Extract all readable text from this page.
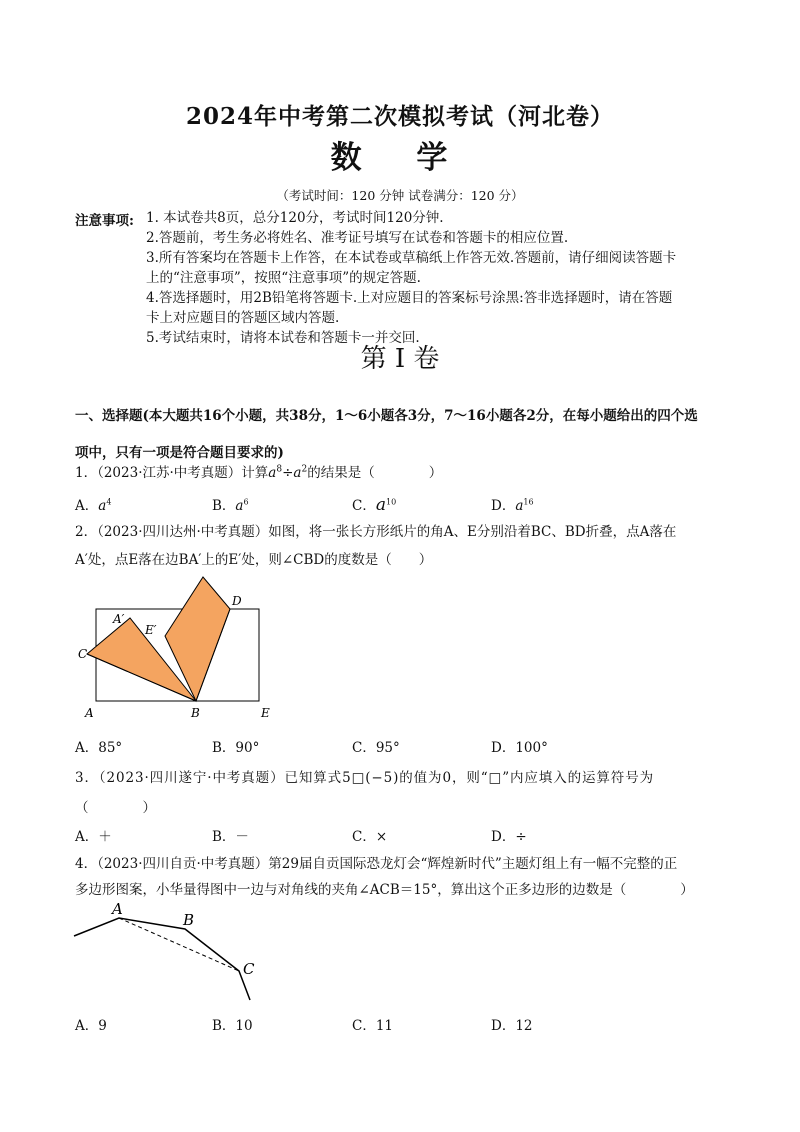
2024年中考第二次模拟考试（河北卷）
数 学
（考试时间：120 分钟 试卷满分：120 分）
注意事项: 1. 本试卷共8页，总分120分，考试时间120分钟.
2.答题前，考生务必将姓名、准考证号填写在试卷和答题卡的相应位置.
3.所有答案均在答题卡上作答，在本试卷或草稿纸上作答无效.答题前，请仔细阅读答题卡
上的“注意事项”，按照“注意事项”的规定答题.
4.答选择题时，用2B铅笔将答题卡.上对应题目的答案标号涂黑:答非选择题时，请在答题
卡上对应题目的答题区域内答题.
5.考试结束时，请将本试卷和答题卡一并交回.
第 I 卷
一、选择题(本大题共16个小题，共38分，1～6小题各3分，7～16小题各2分，在每小题给出的四个选
项中，只有一项是符合题目要求的)
1．（2023·江苏·中考真题）计算$a^8\div a^2$的结果是（　　　　）
A．$a^4$	B．$a^6$	C．$a^{10}$	D．$a^{16}$
2．（2023·四川达州·中考真题）如图，将一张长方形纸片的角A、E分别沿着BC、BD折叠，点A落在
A′处，点E落在边BA′上的E′处，则∠CBD的度数是（　　）
A′
E′
D
C
A	B	E
A．85°	B．90°	C．95°	D．100°
3．（2023·四川遂宁·中考真题）已知算式5□(−5)的值为0，则“□”内应填入的运算符号为
（　　　　）
A．＋	B．－	C．×	D．÷
4．（2023·四川自贡·中考真题）第29届自贡国际恐龙灯会“辉煌新时代”主题灯组上有一幅不完整的正
多边形图案，小华量得图中一边与对角线的夹角∠ACB＝15°，算出这个正多边形的边数是（　　　　）
A
B
C
A．9	B．10	C．11	D．12
